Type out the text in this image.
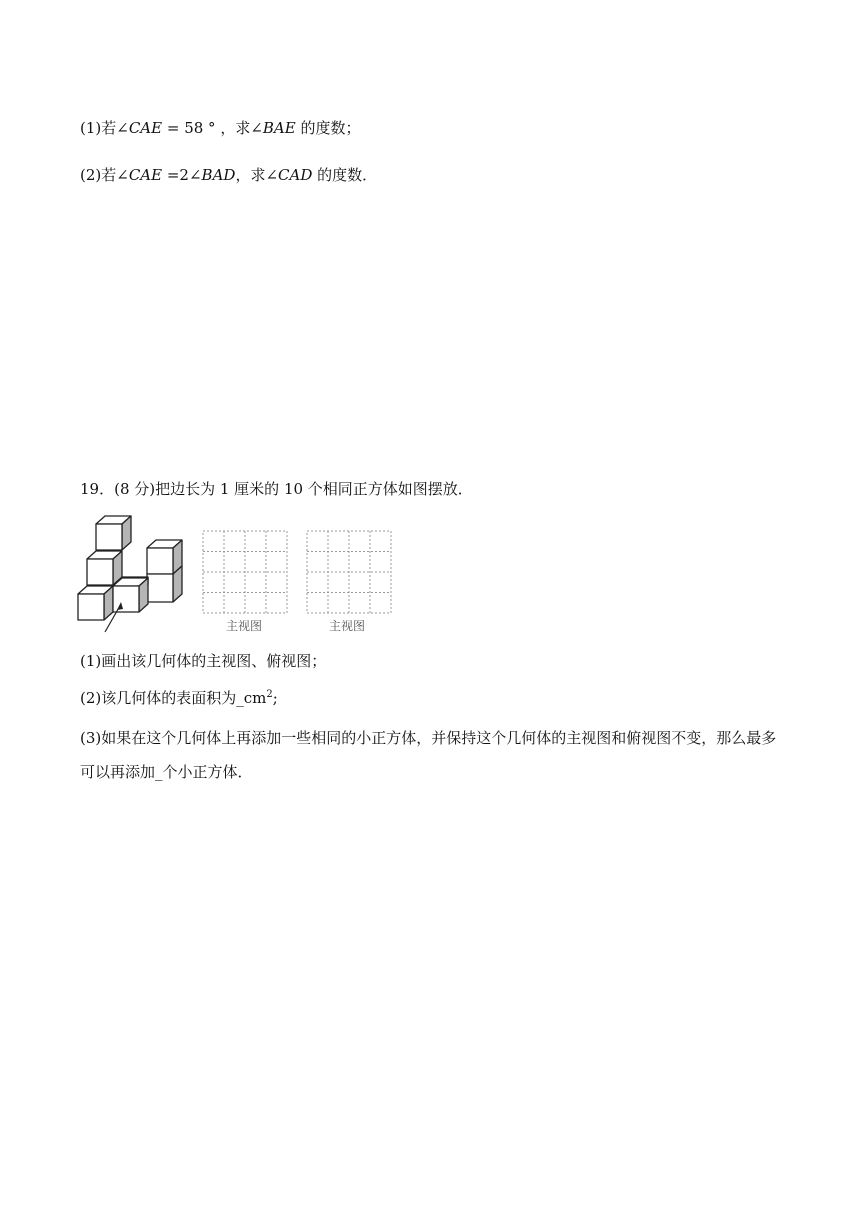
(1)若∠CAE = 58 ° ，求∠BAE 的度数；
(2)若∠CAE =2∠BAD，求∠CAD 的度数．
19．(8 分)把边长为 1 厘米的 10 个相同正方体如图摆放．
主视图	主视图
(1)画出该几何体的主视图、俯视图；
(2)该几何体的表面积为$\_cm^2$;
(3)如果在这个几何体上再添加一些相同的小正方体，并保持这个几何体的主视图和俯视图不变，那么最多可以再添加_个小正方体．
